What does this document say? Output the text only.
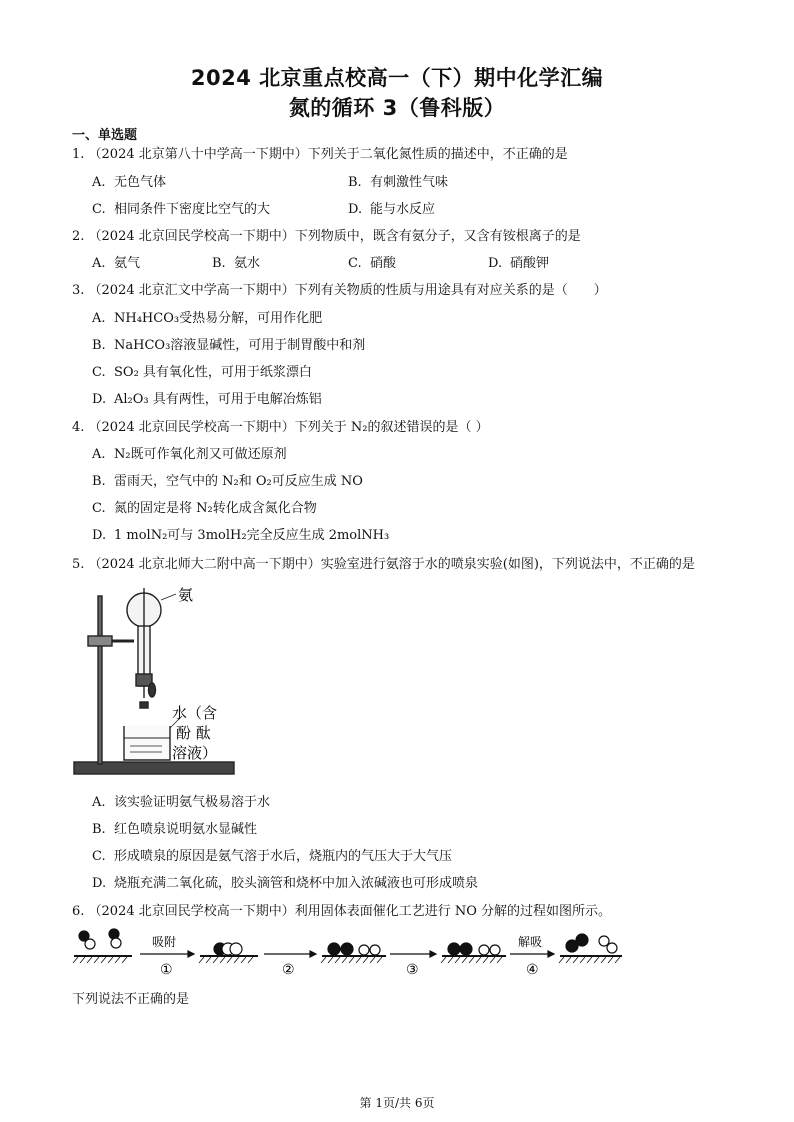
2024 北京重点校高一（下）期中化学汇编
氮的循环 3（鲁科版）
一、单选题
1. （2024 北京第八十中学高一下期中）下列关于二氧化氮性质的描述中，不正确的是
A. 无色气体	B. 有刺激性气味
C. 相同条件下密度比空气的大	D. 能与水反应
2. （2024 北京回民学校高一下期中）下列物质中，既含有氨分子，又含有铵根离子的是
A. 氨气	B. 氨水	C. 硝酸	D. 硝酸钾
3. （2024 北京汇文中学高一下期中）下列有关物质的性质与用途具有对应关系的是（　　）
A. NH₄HCO₃受热易分解，可用作化肥
B. NaHCO₃溶液显碱性，可用于制胃酸中和剂
C. SO₂ 具有氧化性，可用于纸浆漂白
D. Al₂O₃ 具有两性，可用于电解冶炼铝
4. （2024 北京回民学校高一下期中）下列关于 N₂的叙述错误的是（ ）
A. N₂既可作氧化剂又可做还原剂
B. 雷雨天，空气中的 N₂和 O₂可反应生成 NO
C. 氮的固定是将 N₂转化成含氮化合物
D. 1 molN₂可与 3molH₂完全反应生成 2molNH₃
5. （2024 北京北师大二附中高一下期中）实验室进行氨溶于水的喷泉实验(如图)，下列说法中，不正确的是
氨
水（含
酚 酞
溶液）
A. 该实验证明氨气极易溶于水
B. 红色喷泉说明氨水显碱性
C. 形成喷泉的原因是氨气溶于水后，烧瓶内的气压大于大气压
D. 烧瓶充满二氧化硫，胶头滴管和烧杯中加入浓碱液也可形成喷泉
6. （2024 北京回民学校高一下期中）利用固体表面催化工艺进行 NO 分解的过程如图所示。
吸附
①	②	③
解吸
④
下列说法不正确的是
第 1页/共 6页
